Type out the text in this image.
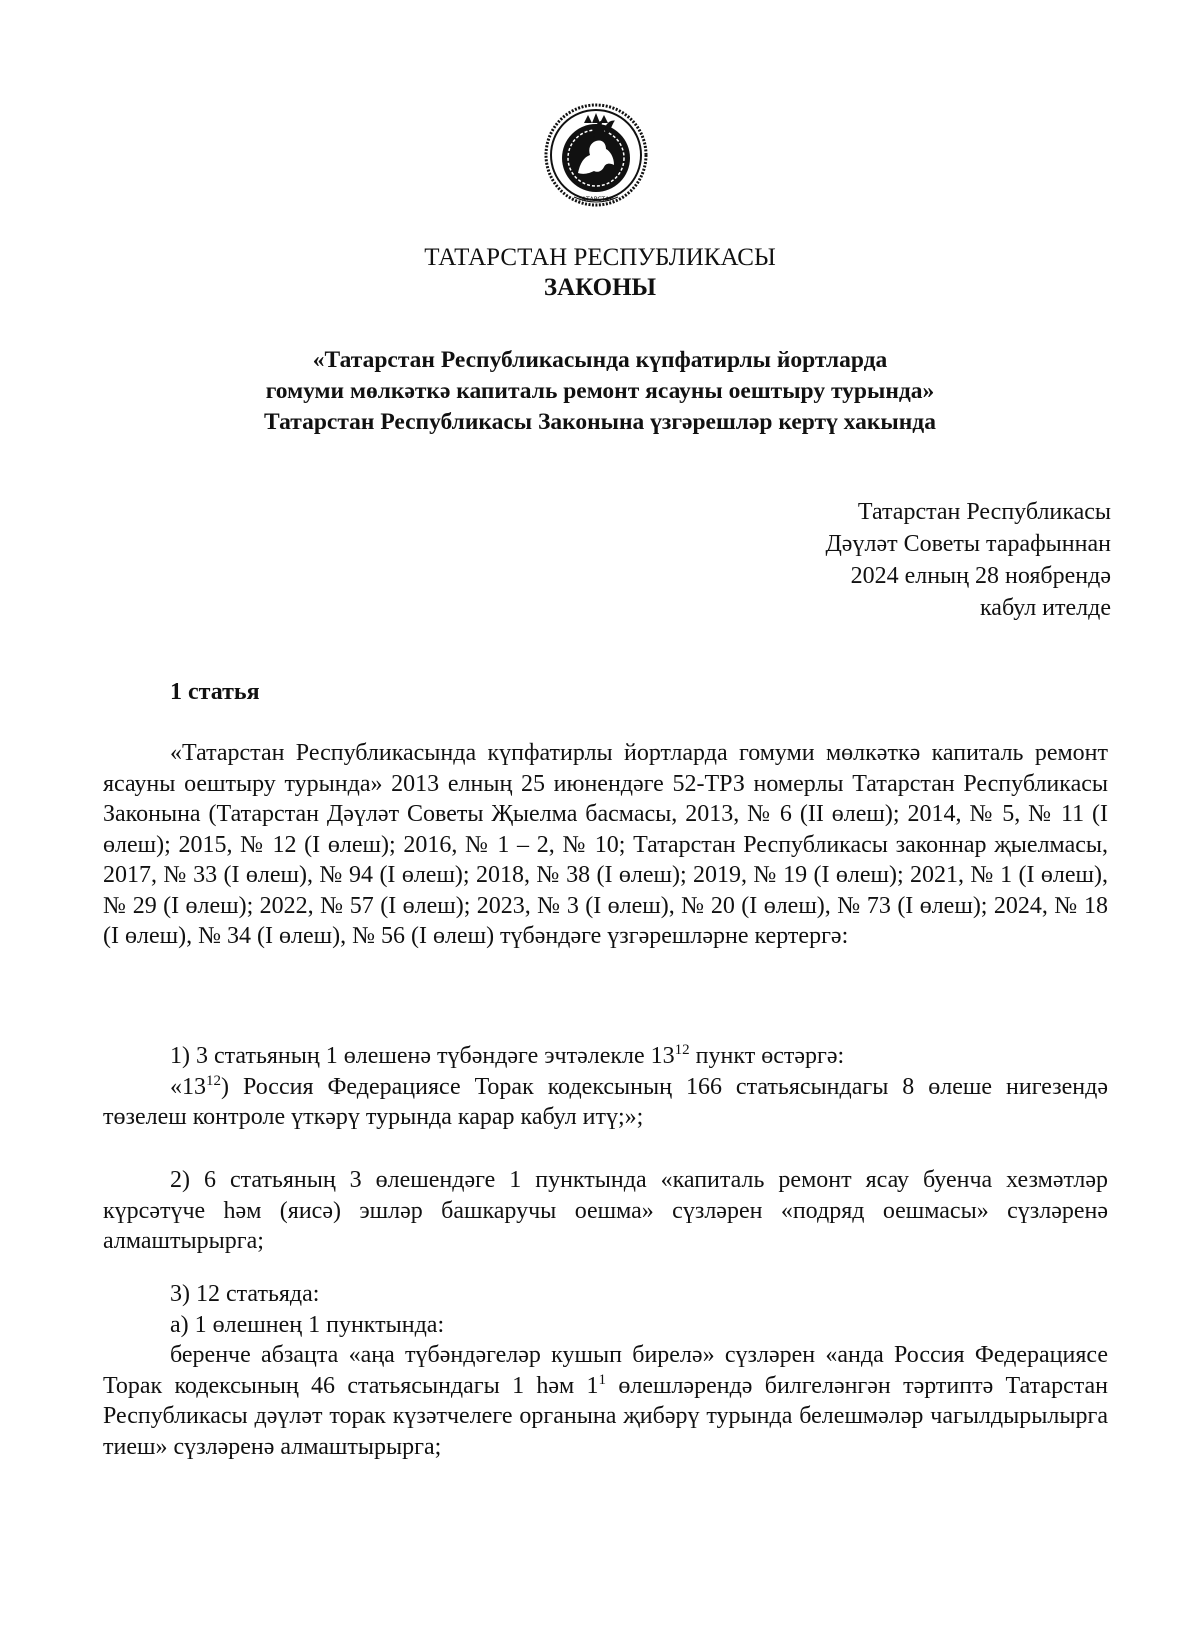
ТАТАРСТАН
ТАТАРСТАН РЕСПУБЛИКАСЫ
ЗАКОНЫ
«Татарстан Республикасында күпфатирлы йортларда
гомуми мөлкәткә капиталь ремонт ясауны оештыру турында»
Татарстан Республикасы Законына үзгәрешләр кертү хакында
Татарстан Республикасы
Дәүләт Советы тарафыннан
2024 елның 28 ноябрендә
кабул ителде
1 статья

«Татарстан Республикасында күпфатирлы йортларда гомуми мөлкәткә капиталь ремонт ясауны оештыру турында» 2013 елның 25 июнендәге 52-ТРЗ номерлы Татарстан Республикасы Законына (Татарстан Дәүләт Советы Җыелма басмасы, 2013, № 6 (II өлеш); 2014, № 5, № 11 (I өлеш); 2015, № 12 (I өлеш); 2016, № 1 – 2, № 10; Татарстан Республикасы законнар җыелмасы, 2017, № 33 (I өлеш), № 94 (I өлеш); 2018, № 38 (I өлеш); 2019, № 19 (I өлеш); 2021, № 1 (I өлеш), № 29 (I өлеш); 2022, № 57 (I өлеш); 2023, № 3 (I өлеш), № 20 (I өлеш), № 73 (I өлеш); 2024, № 18 (I өлеш), № 34 (I өлеш), № 56 (I өлеш) түбәндәге үзгәрешләрне кертергә:

1) 3 статьяның 1 өлешенә түбәндәге эчтәлекле $13^{12}$ пункт өстәргә:

«$13^{12}$) Россия Федерациясе Торак кодексының 166 статьясындагы 8 өлеше нигезендә төзелеш контроле үткәрү турында карар кабул итү;»;

2) 6 статьяның 3 өлешендәге 1 пунктында «капиталь ремонт ясау буенча хезмәтләр күрсәтүче һәм (яисә) эшләр башкаручы оешма» сүзләрен «подряд оешмасы» сүзләренә алмаштырырга;

3) 12 статьяда:

а) 1 өлешнең 1 пунктында:

беренче абзацта «аңа түбәндәгеләр кушып бирелә» сүзләрен «анда Россия Федерациясе Торак кодексының 46 статьясындагы 1 һәм $1^1$ өлешләрендә билгеләнгән тәртиптә Татарстан Республикасы дәүләт торак күзәтчелеге органына җибәрү турында белешмәләр чагылдырылырга тиеш» сүзләренә алмаштырырга;
